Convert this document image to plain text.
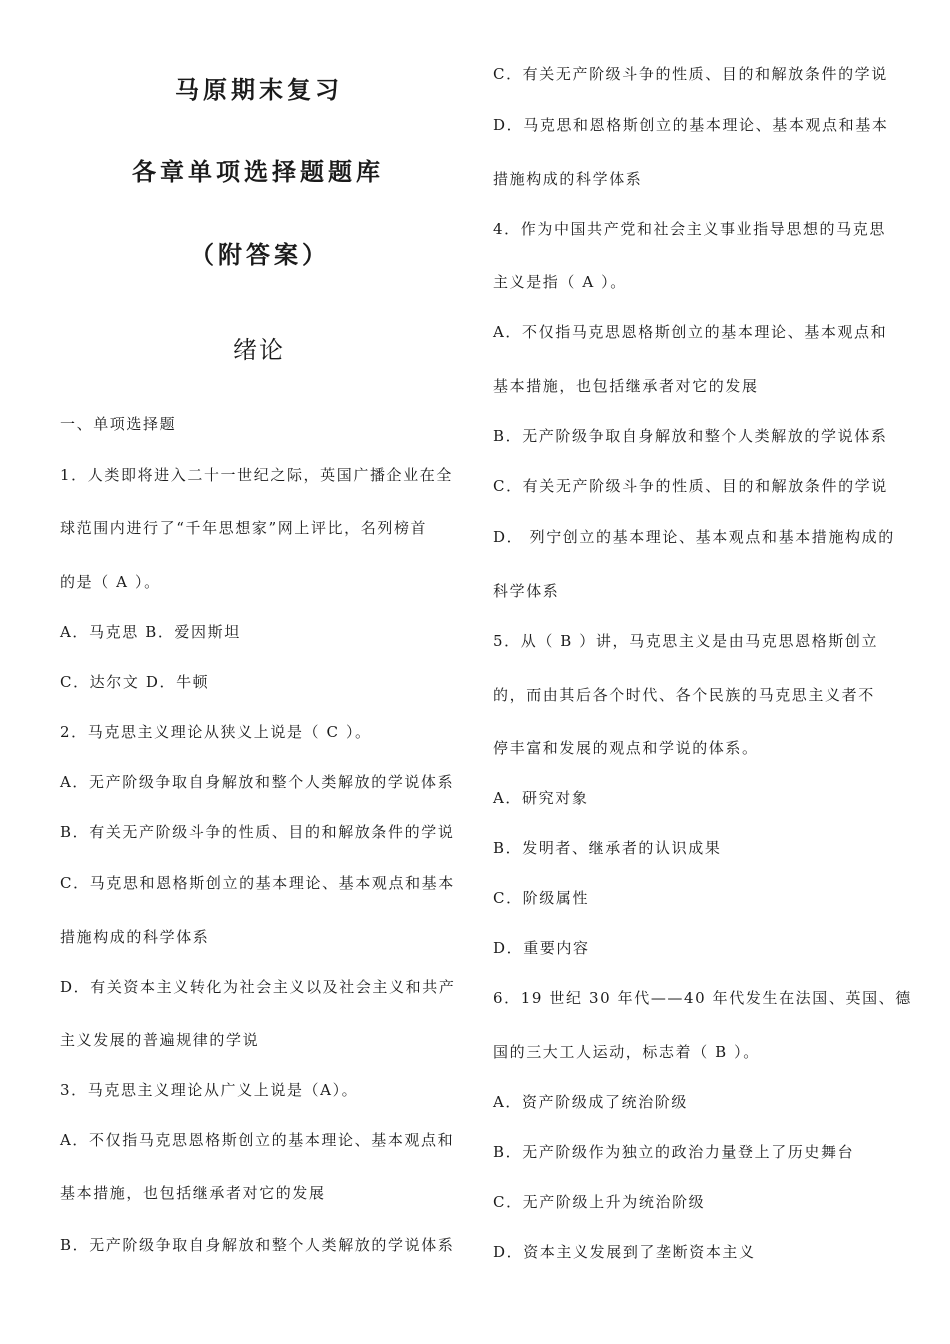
马原期末复习
各章单项选择题题库
（附答案）
绪论
一、单项选择题
1．人类即将进入二十一世纪之际，英国广播企业在全
球范围内进行了“千年思想家”网上评比，名列榜首
的是（ A ）。
A．马克思 B．爱因斯坦
C．达尔文 D．牛顿
2．马克思主义理论从狭义上说是（ C ）。
A．无产阶级争取自身解放和整个人类解放的学说体系
B．有关无产阶级斗争的性质、目的和解放条件的学说
C．马克思和恩格斯创立的基本理论、基本观点和基本
措施构成的科学体系
D．有关资本主义转化为社会主义以及社会主义和共产
主义发展的普遍规律的学说
3．马克思主义理论从广义上说是（A）。
A．不仅指马克思恩格斯创立的基本理论、基本观点和
基本措施，也包括继承者对它的发展
B．无产阶级争取自身解放和整个人类解放的学说体系
C．有关无产阶级斗争的性质、目的和解放条件的学说
D．马克思和恩格斯创立的基本理论、基本观点和基本
措施构成的科学体系
4．作为中国共产党和社会主义事业指导思想的马克思
主义是指（ A ）。
A．不仅指马克思恩格斯创立的基本理论、基本观点和
基本措施，也包括继承者对它的发展
B．无产阶级争取自身解放和整个人类解放的学说体系
C．有关无产阶级斗争的性质、目的和解放条件的学说
D． 列宁创立的基本理论、基本观点和基本措施构成的
科学体系
5．从（ B ）讲，马克思主义是由马克思恩格斯创立
的，而由其后各个时代、各个民族的马克思主义者不
停丰富和发展的观点和学说的体系。
A．研究对象
B．发明者、继承者的认识成果
C．阶级属性
D．重要内容
6．19 世纪 30 年代——40 年代发生在法国、英国、德
国的三大工人运动，标志着（ B ）。
A．资产阶级成了统治阶级
B．无产阶级作为独立的政治力量登上了历史舞台
C．无产阶级上升为统治阶级
D．资本主义发展到了垄断资本主义
